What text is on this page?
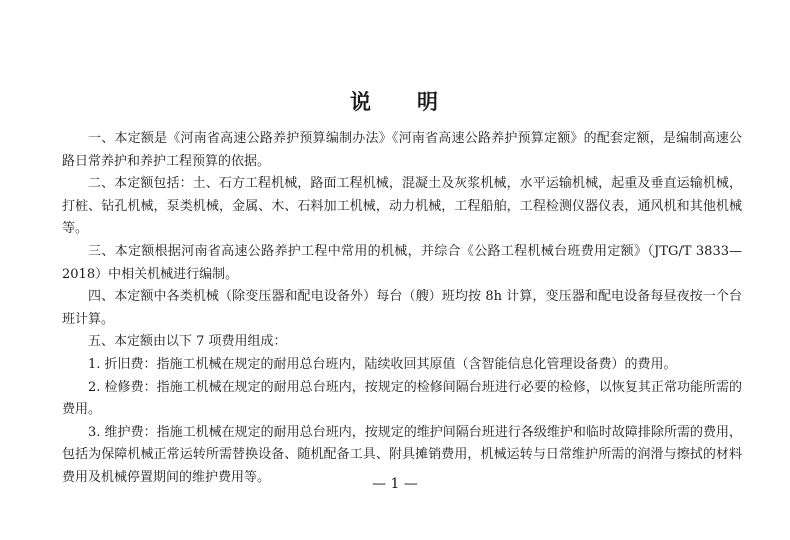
说 明

一、本定额是《河南省高速公路养护预算编制办法》《河南省高速公路养护预算定额》的配套定额，是编制高速公路日常养护和养护工程预算的依据。

二、本定额包括：土、石方工程机械，路面工程机械，混凝土及灰浆机械，水平运输机械，起重及垂直运输机械，打桩、钻孔机械，泵类机械，金属、木、石料加工机械，动力机械，工程船舶，工程检测仪器仪表，通风机和其他机械等。

三、本定额根据河南省高速公路养护工程中常用的机械，并综合《公路工程机械台班费用定额》（JTG/T 3833—2018）中相关机械进行编制。

四、本定额中各类机械（除变压器和配电设备外）每台（艘）班均按 8h 计算，变压器和配电设备每昼夜按一个台班计算。

五、本定额由以下 7 项费用组成：

1. 折旧费：指施工机械在规定的耐用总台班内，陆续收回其原值（含智能信息化管理设备费）的费用。

2. 检修费：指施工机械在规定的耐用总台班内，按规定的检修间隔台班进行必要的检修，以恢复其正常功能所需的费用。

3. 维护费：指施工机械在规定的耐用总台班内，按规定的维护间隔台班进行各级维护和临时故障排除所需的费用，包括为保障机械正常运转所需替换设备、随机配备工具、附具摊销费用，机械运转与日常维护所需的润滑与擦拭的材料费用及机械停置期间的维护费用等。	— 1 —
